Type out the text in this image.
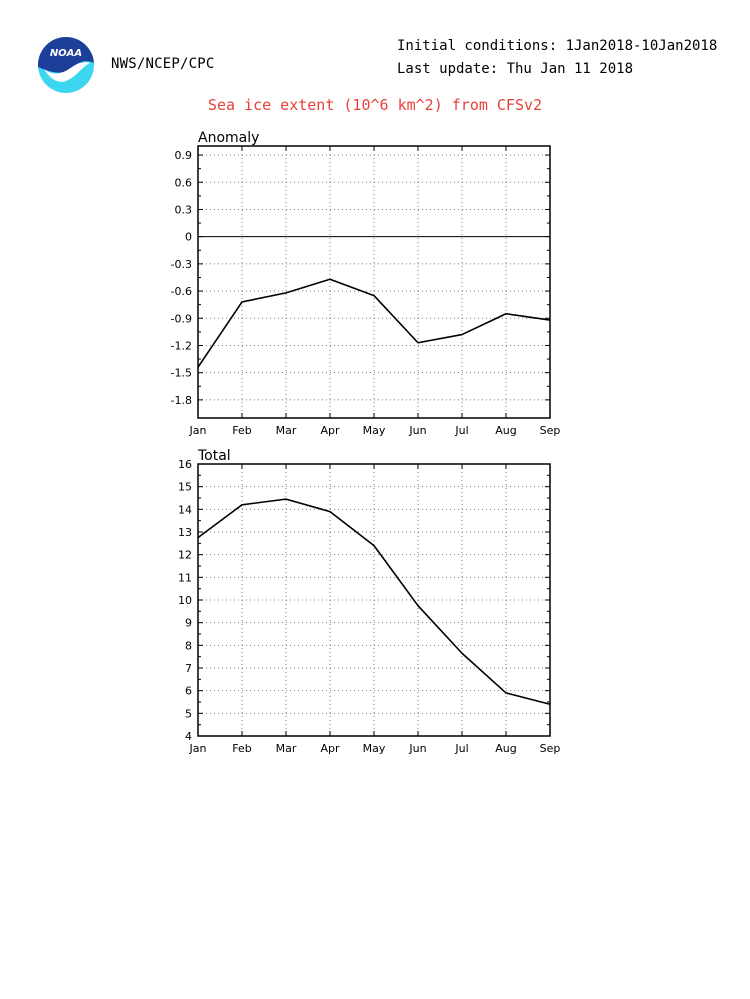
NOAA
NWS/NCEP/CPC
Initial conditions: 1Jan2018-10Jan2018
Last update: Thu Jan 11 2018
Sea ice extent (10^6 km^2) from CFSv2
0.9
0.6
0.3
0
-0.3
-0.6
-0.9
-1.2
-1.5
-1.8
Jan Feb Mar Apr May Jun	Jul Aug Sep
Anomaly
16
15
14
13
12
11
10
9
8
7
6
5
4
Jan Feb Mar Apr May Jun	Jul Aug Sep
Total
